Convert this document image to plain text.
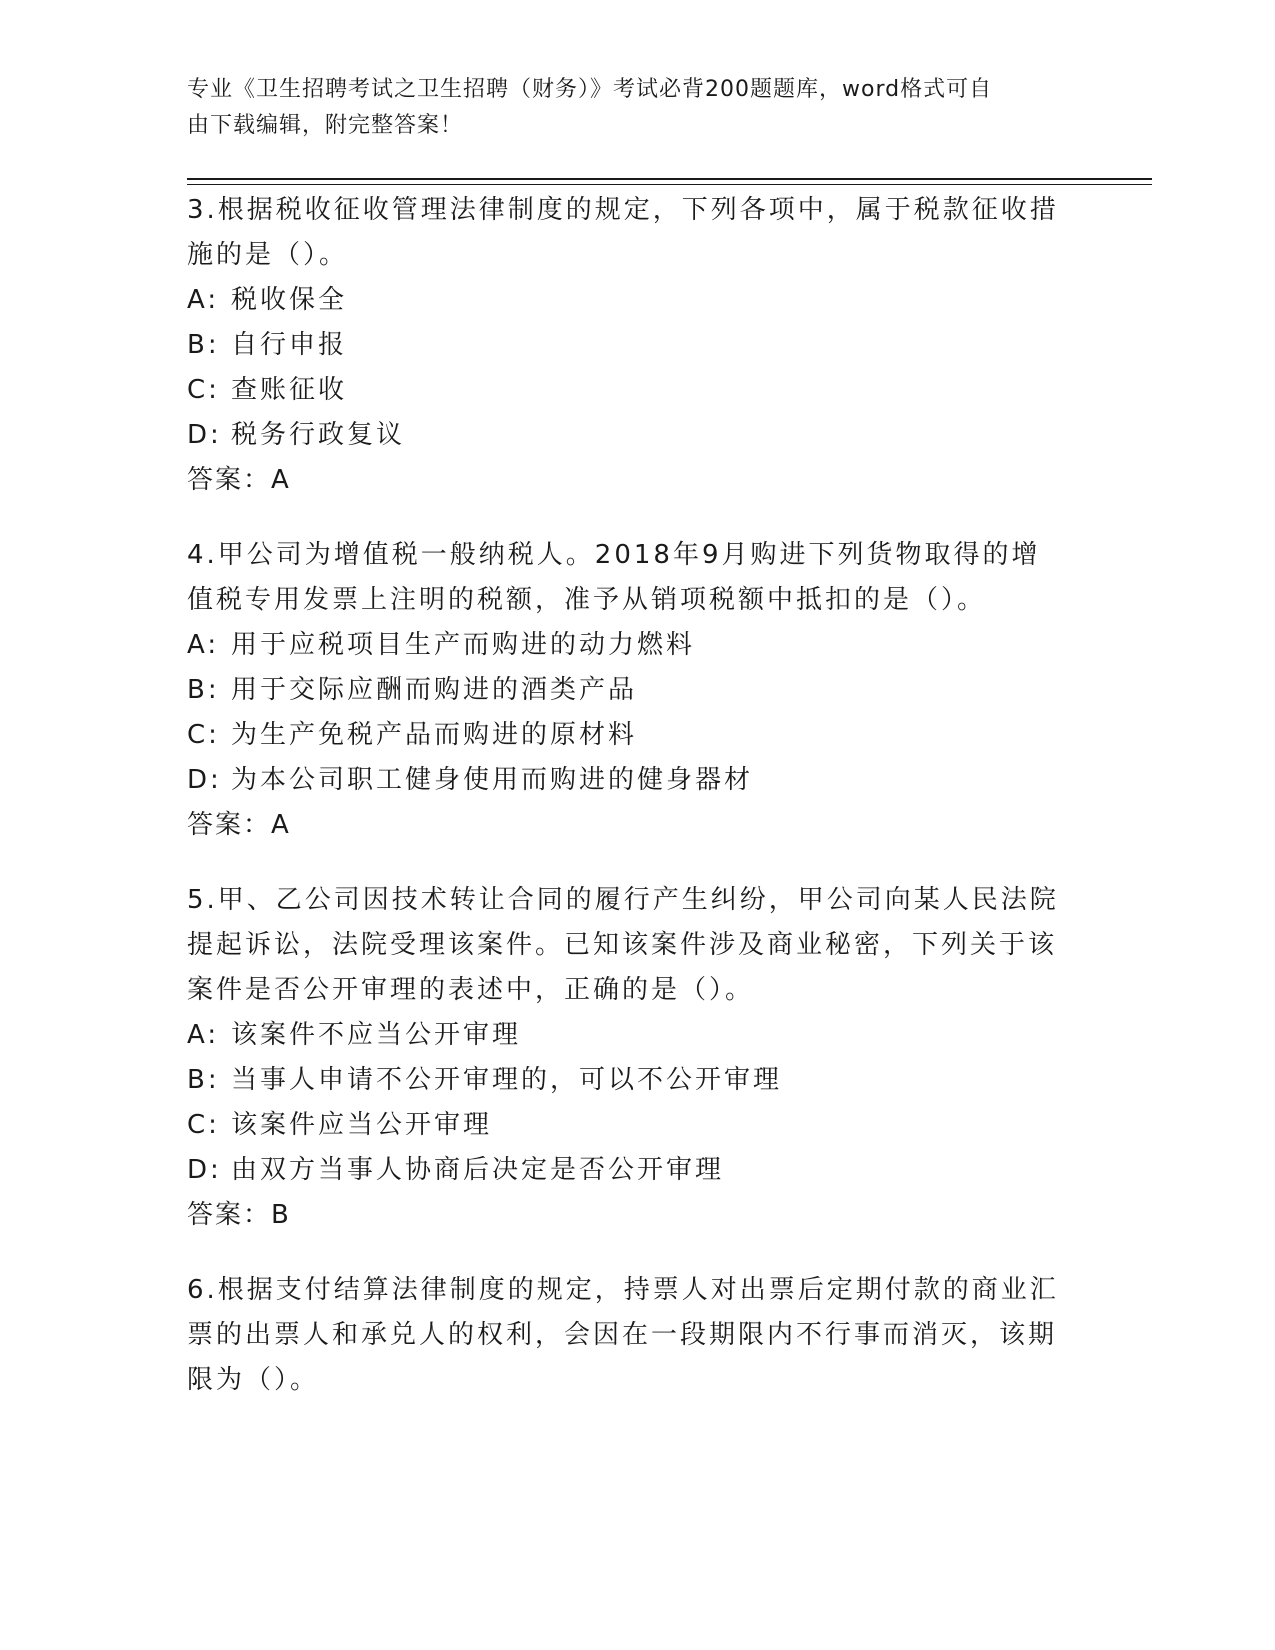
专业《卫生招聘考试之卫生招聘（财务）》考试必背200题题库，word格式可自
由下载编辑，附完整答案！

3.根据税收征收管理法律制度的规定，下列各项中，属于税款征收措施的是（）。

A: 税收保全

B: 自行申报

C: 查账征收

D: 税务行政复议

答案：A

4.甲公司为增值税一般纳税人。2018年9月购进下列货物取得的增值税专用发票上注明的税额，准予从销项税额中抵扣的是（）。

A: 用于应税项目生产而购进的动力燃料

B: 用于交际应酬而购进的酒类产品

C: 为生产免税产品而购进的原材料

D: 为本公司职工健身使用而购进的健身器材

答案：A

5.甲、乙公司因技术转让合同的履行产生纠纷，甲公司向某人民法院提起诉讼，法院受理该案件。已知该案件涉及商业秘密，下列关于该案件是否公开审理的表述中，正确的是（）。

A: 该案件不应当公开审理

B: 当事人申请不公开审理的，可以不公开审理

C: 该案件应当公开审理

D: 由双方当事人协商后决定是否公开审理

答案：B

6.根据支付结算法律制度的规定，持票人对出票后定期付款的商业汇票的出票人和承兑人的权利，会因在一段期限内不行事而消灭，该期限为（）。
